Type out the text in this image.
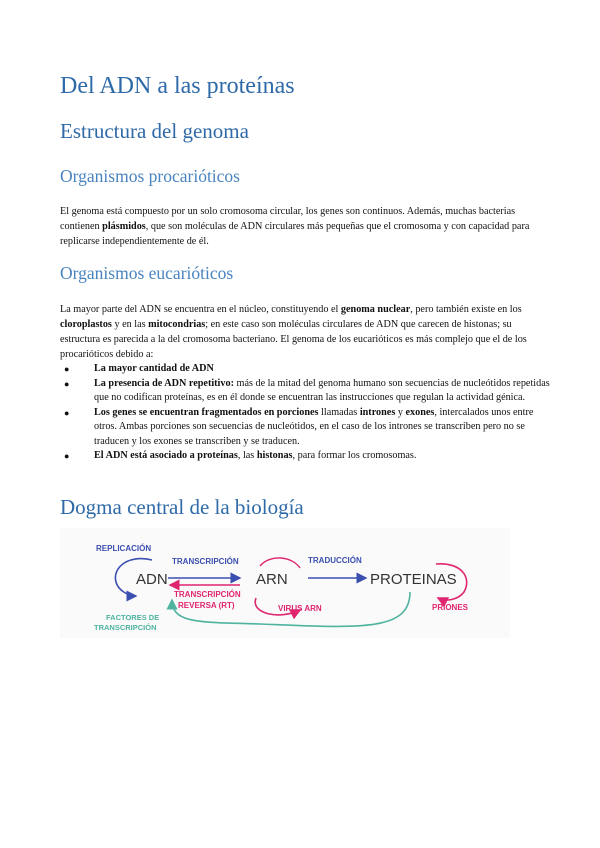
Del ADN a las proteínas
Estructura del genoma
Organismos procarióticos

El genoma está compuesto por un solo cromosoma circular, los genes son continuos. Además, muchas bacterias contienen plásmidos, que son moléculas de ADN circulares más pequeñas que el cromosoma y con capacidad para replicarse independientemente de él.

Organismos eucarióticos

La mayor parte del ADN se encuentra en el núcleo, constituyendo el genoma nuclear, pero también existe en los cloroplastos y en las mitocondrias; en este caso son moléculas circulares de ADN que carecen de histonas; su estructura es parecida a la del cromosoma bacteriano. El genoma de los eucarióticos es más complejo que el de los procarióticos debido a:

● La mayor cantidad de ADN
● La presencia de ADN repetitivo: más de la mitad del genoma humano son secuencias de nucleótidos repetidas que no codifican proteínas, es en él donde se encuentran las instrucciones que regulan la actividad génica.
● Los genes se encuentran fragmentados en porciones llamadas intrones y exones, intercalados unos entre otros. Ambas porciones son secuencias de nucleótidos, en el caso de los intrones se transcriben pero no se traducen y los exones se transcriben y se traducen.
● El ADN está asociado a proteínas, las histonas, para formar los cromosomas.
Dogma central de la biología
REPLICACIÓN
TRANSCRIPCIÓN	TRADUCCIÓN
ADN	ARN	PROTEINAS
TRANSCRIPCIÓN
REVERSA (RT)	VIRUS ARN	PRIONES
FACTORES DE
TRANSCRIPCIÓN
